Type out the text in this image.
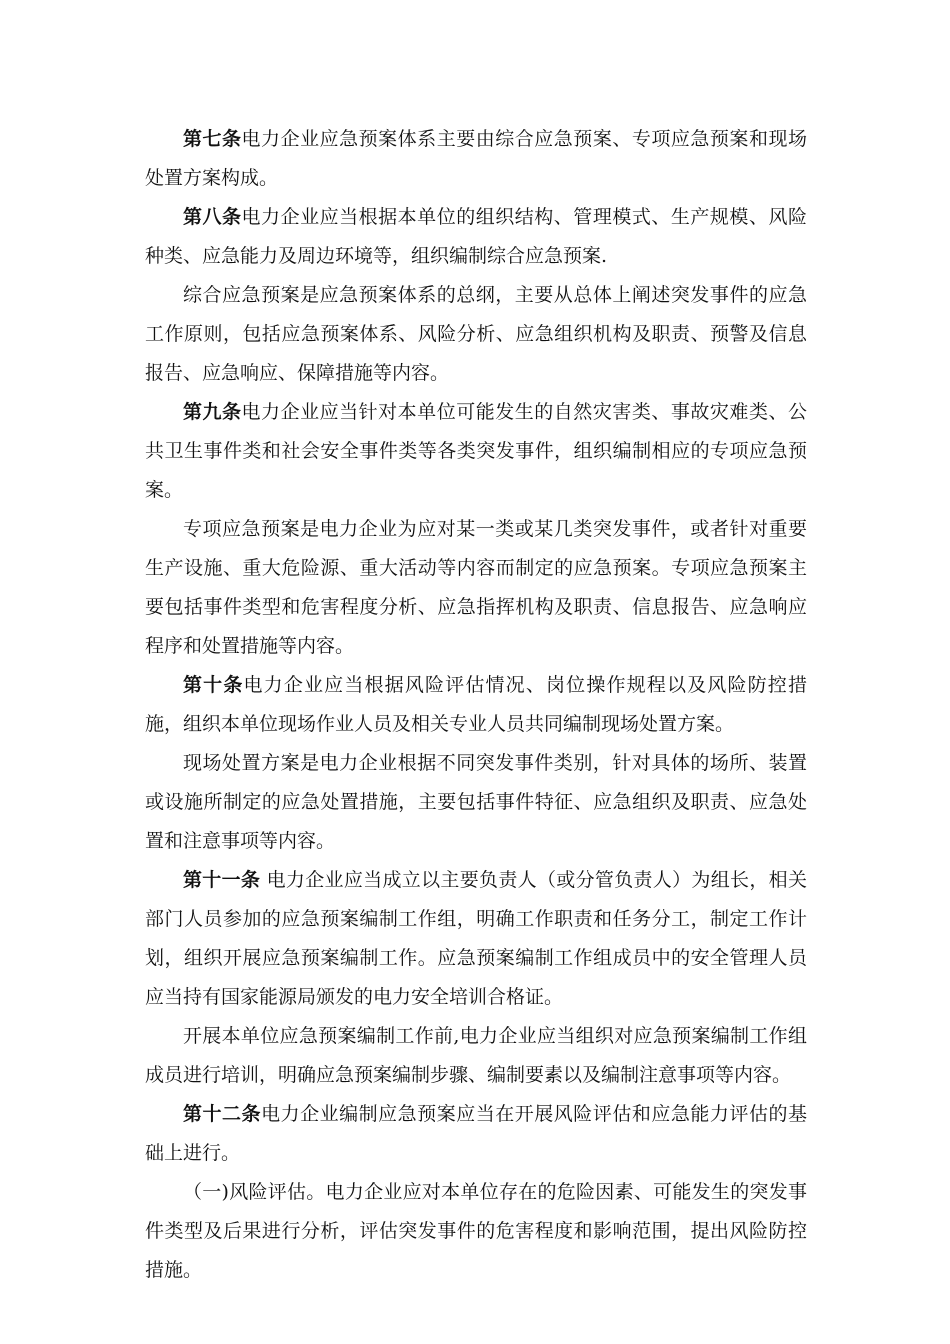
第七条电力企业应急预案体系主要由综合应急预案、专项应急预案和现场处置方案构成。

第八条电力企业应当根据本单位的组织结构、管理模式、生产规模、风险种类、应急能力及周边环境等，组织编制综合应急预案.

综合应急预案是应急预案体系的总纲，主要从总体上阐述突发事件的应急工作原则，包括应急预案体系、风险分析、应急组织机构及职责、预警及信息报告、应急响应、保障措施等内容。

第九条电力企业应当针对本单位可能发生的自然灾害类、事故灾难类、公共卫生事件类和社会安全事件类等各类突发事件，组织编制相应的专项应急预案。

专项应急预案是电力企业为应对某一类或某几类突发事件，或者针对重要生产设施、重大危险源、重大活动等内容而制定的应急预案。专项应急预案主要包括事件类型和危害程度分析、应急指挥机构及职责、信息报告、应急响应程序和处置措施等内容。

第十条电力企业应当根据风险评估情况、岗位操作规程以及风险防控措施，组织本单位现场作业人员及相关专业人员共同编制现场处置方案。

现场处置方案是电力企业根据不同突发事件类别，针对具体的场所、装置或设施所制定的应急处置措施，主要包括事件特征、应急组织及职责、应急处置和注意事项等内容。

第十一条 电力企业应当成立以主要负责人（或分管负责人）为组长，相关部门人员参加的应急预案编制工作组，明确工作职责和任务分工，制定工作计划，组织开展应急预案编制工作。应急预案编制工作组成员中的安全管理人员应当持有国家能源局颁发的电力安全培训合格证。

开展本单位应急预案编制工作前,电力企业应当组织对应急预案编制工作组成员进行培训，明确应急预案编制步骤、编制要素以及编制注意事项等内容。

第十二条电力企业编制应急预案应当在开展风险评估和应急能力评估的基础上进行。

（一)风险评估。电力企业应对本单位存在的危险因素、可能发生的突发事件类型及后果进行分析，评估突发事件的危害程度和影响范围，提出风险防控措施。
